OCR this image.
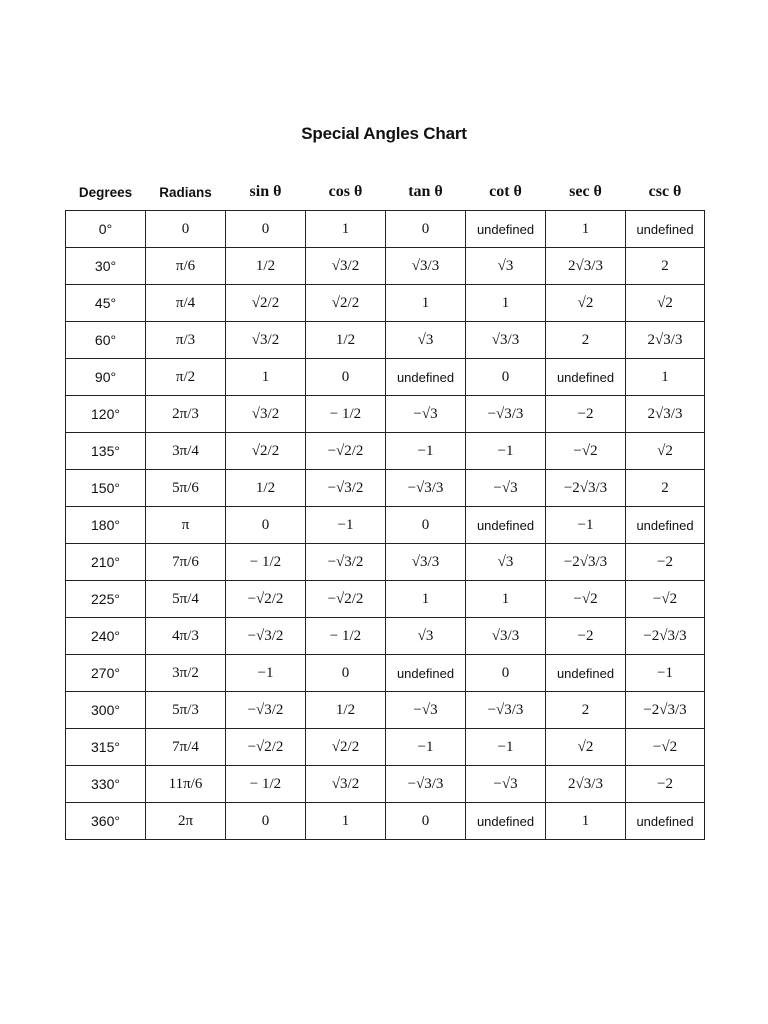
Special Angles Chart
Degrees	Radians	sin θ	cos θ	tan θ	cot θ	sec θ	csc θ
0°	0	0	1	0	undefined	1	undefined
30°	π/6	1/2	√3/2	√3/3	√3	2√3/3	2
45°	π/4	√2/2	√2/2	1	1	√2	√2
60°	π/3	√3/2	1/2	√3	√3/3	2	2√3/3
90°	π/2	1	0	undefined	0	undefined	1
120°	2π/3	√3/2	− 1/2	−√3	−√3/3	−2	2√3/3
135°	3π/4	√2/2	−√2/2	−1	−1	−√2	√2
150°	5π/6	1/2	−√3/2	−√3/3	−√3	−2√3/3	2
180°	π	0	−1	0	undefined	−1	undefined
210°	7π/6	− 1/2	−√3/2	√3/3	√3	−2√3/3	−2
225°	5π/4	−√2/2	−√2/2	1	1	−√2	−√2
240°	4π/3	−√3/2	− 1/2	√3	√3/3	−2	−2√3/3
270°	3π/2	−1	0	undefined	0	undefined	−1
300°	5π/3	−√3/2	1/2	−√3	−√3/3	2	−2√3/3
315°	7π/4	−√2/2	√2/2	−1	−1	√2	−√2
330°	11π/6	− 1/2	√3/2	−√3/3	−√3	2√3/3	−2
360°	2π	0	1	0	undefined	1	undefined
